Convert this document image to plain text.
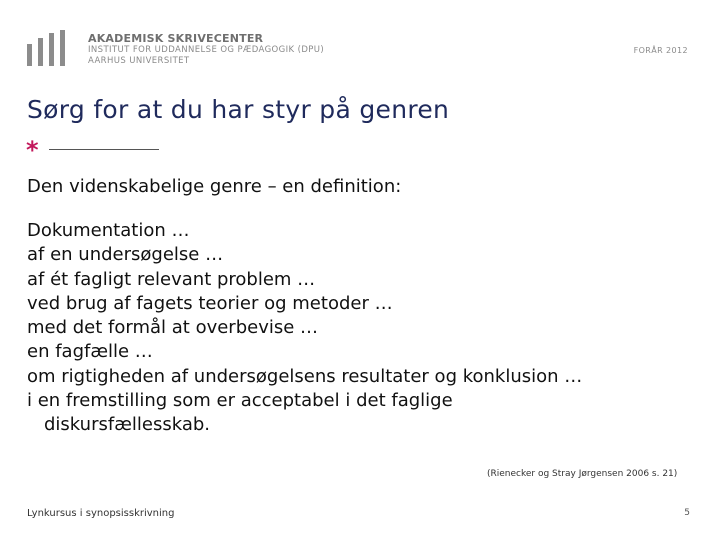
AKADEMISK SKRIVECENTER
INSTITUT FOR UDDANNELSE OG PÆDAGOGIK (DPU)
AARHUS UNIVERSITET
FORÅR 2012
Sørg for at du har styr på genren
*
Den videnskabelige genre – en definition:
Dokumentation …
af en undersøgelse …
af ét fagligt relevant problem …
ved brug af fagets teorier og metoder …
med det formål at overbevise …
en fagfælle …
om rigtigheden af undersøgelsens resultater og konklusion …
i en fremstilling som er acceptabel i det faglige
diskursfællesskab.
(Rienecker og Stray Jørgensen 2006 s. 21)
Lynkursus i synopsisskrivning	5
